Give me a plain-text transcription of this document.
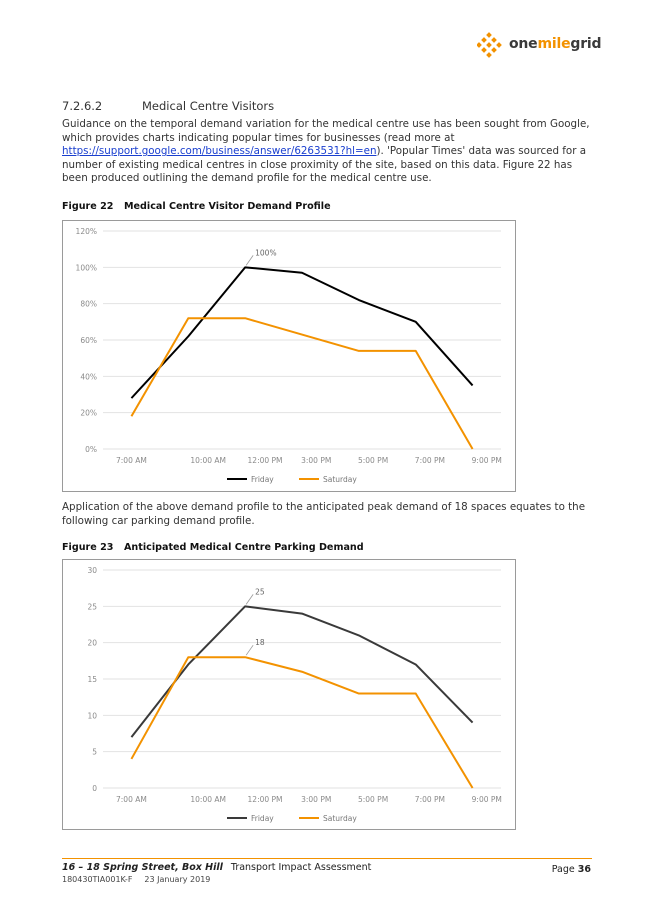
onemilegrid
7.2.6.2	Medical Centre Visitors

Guidance on the temporal demand variation for the medical centre use has been sought from Google, which provides charts indicating popular times for businesses (read more at https://support.google.com/business/answer/6263531?hl=en). 'Popular Times' data was sourced for a number of existing medical centres in close proximity of the site, based on this data. Figure 22 has been produced outlining the demand profile for the medical centre use.

Figure 22 Medical Centre Visitor Demand Profile
0%
20%
40%
60%
80%
100%
120%
7:00 AM	10:00 AM	12:00 PM 3:00 PM	5:00 PM	7:00 PM	9:00 PM
100%
Friday	Saturday

Application of the above demand profile to the anticipated peak demand of 18 spaces equates to the following car parking demand profile.

Figure 23 Anticipated Medical Centre Parking Demand
0
5
10
15
20
25
30
7:00 AM	10:00 AM	12:00 PM 3:00 PM	5:00 PM	7:00 PM	9:00 PM
25
18
Friday	Saturday
16 – 18 Spring Street, Box Hill Transport Impact Assessment
180430TIA001K-F 23 January 2019
Page 36
